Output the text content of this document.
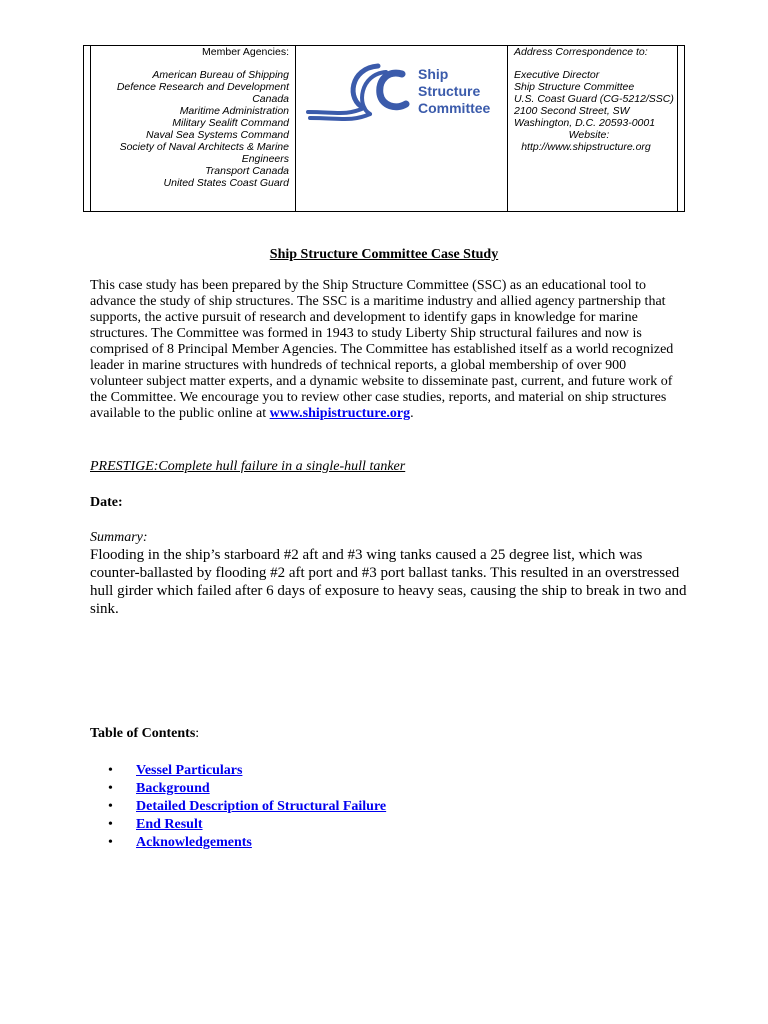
Member Agencies:
American Bureau of Shipping
Defence Research and Development
Canada
Maritime Administration
Military Sealift Command
Naval Sea Systems Command
Society of Naval Architects & Marine
Engineers
Transport Canada
United States Coast Guard
Ship
Structure
Committee
Address Correspondence to:
Executive Director
Ship Structure Committee
U.S. Coast Guard (CG-5212/SSC)
2100 Second Street, SW
Washington, D.C. 20593-0001
Website:
http://www.shipstructure.org
Ship Structure Committee Case Study
This case study has been prepared by the Ship Structure Committee (SSC) as an educational tool to advance the study of ship structures. The SSC is a maritime industry and allied agency partnership that supports, the active pursuit of research and development to identify gaps in knowledge for marine structures. The Committee was formed in 1943 to study Liberty Ship structural failures and now is comprised of 8 Principal Member Agencies. The Committee has established itself as a world recognized leader in marine structures with hundreds of technical reports, a global membership of over 900 volunteer subject matter experts, and a dynamic website to disseminate past, current, and future work of the Committee. We encourage you to review other case studies, reports, and material on ship structures available to the public online at www.shipistructure.org.
PRESTIGE:Complete hull failure in a single-hull tanker
Date:
Summary:
Flooding in the ship’s starboard #2 aft and #3 wing tanks caused a 25 degree list, which was counter-ballasted by flooding #2 aft port and #3 port ballast tanks. This resulted in an overstressed hull girder which failed after 6 days of exposure to heavy seas, causing the ship to break in two and sink.
Table of Contents:
• Vessel Particulars
• Background
• Detailed Description of Structural Failure
• End Result
• Acknowledgements
